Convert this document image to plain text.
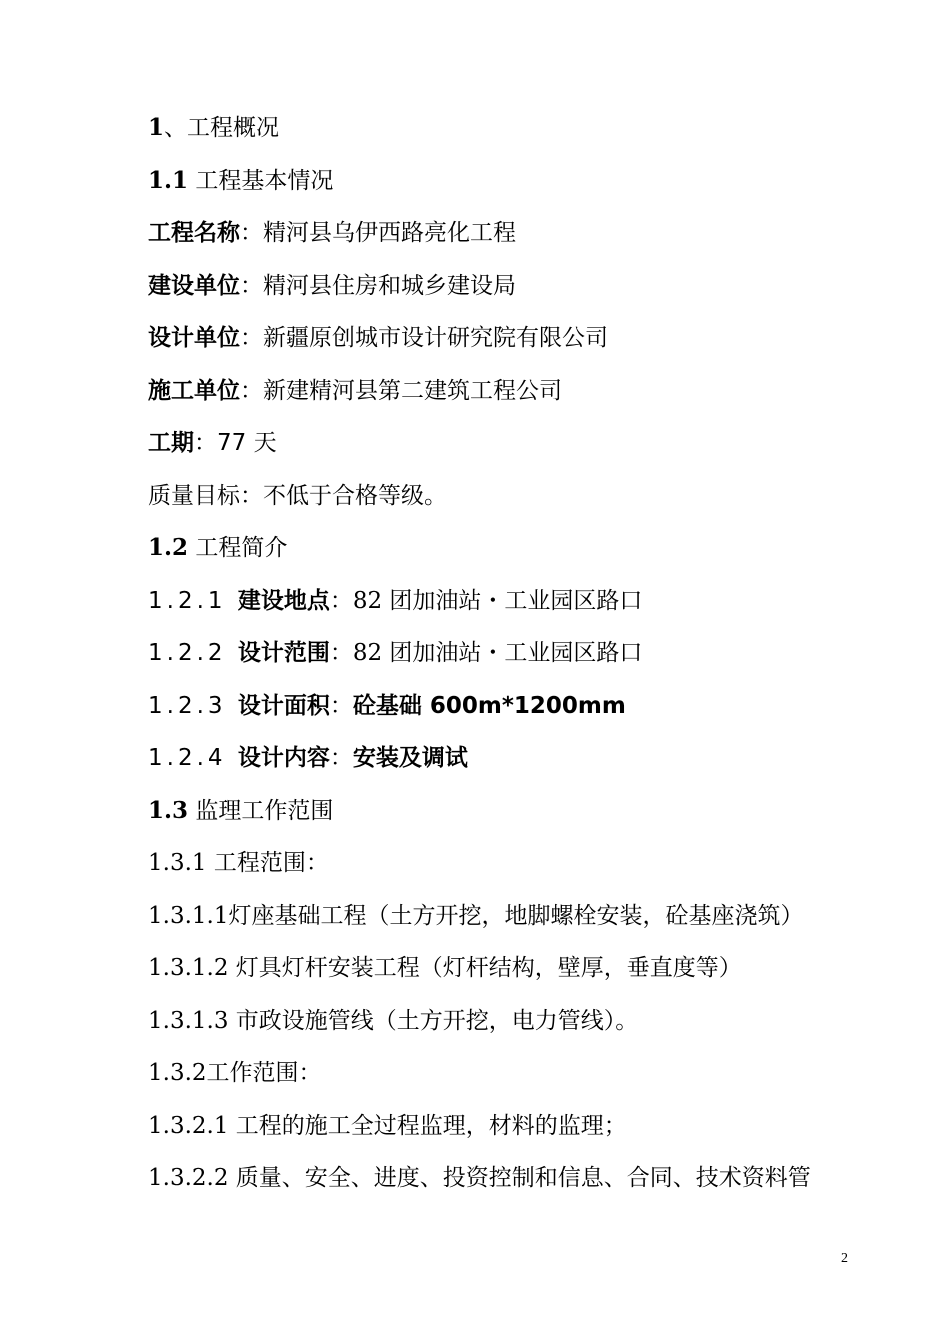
1、工程概况
1.1 工程基本情况
工程名称：精河县乌伊西路亮化工程
建设单位：精河县住房和城乡建设局
设计单位：新疆原创城市设计研究院有限公司
施工单位：新建精河县第二建筑工程公司
工期：77 天
质量目标：不低于合格等级。
1.2 工程简介
1.2.1 建设地点：82 团加油站・工业园区路口
1.2.2 设计范围：82 团加油站・工业园区路口
1.2.3 设计面积：砼基础 600m*1200mm
1.2.4 设计内容：安装及调试
1.3 监理工作范围
1.3.1 工程范围：
1.3.1.1灯座基础工程（土方开挖，地脚螺栓安装，砼基座浇筑）
1.3.1.2 灯具灯杆安装工程（灯杆结构，壁厚，垂直度等）
1.3.1.3 市政设施管线（土方开挖，电力管线）。
1.3.2工作范围：
1.3.2.1 工程的施工全过程监理，材料的监理；
1.3.2.2 质量、安全、进度、投资控制和信息、合同、技术资料管
2
